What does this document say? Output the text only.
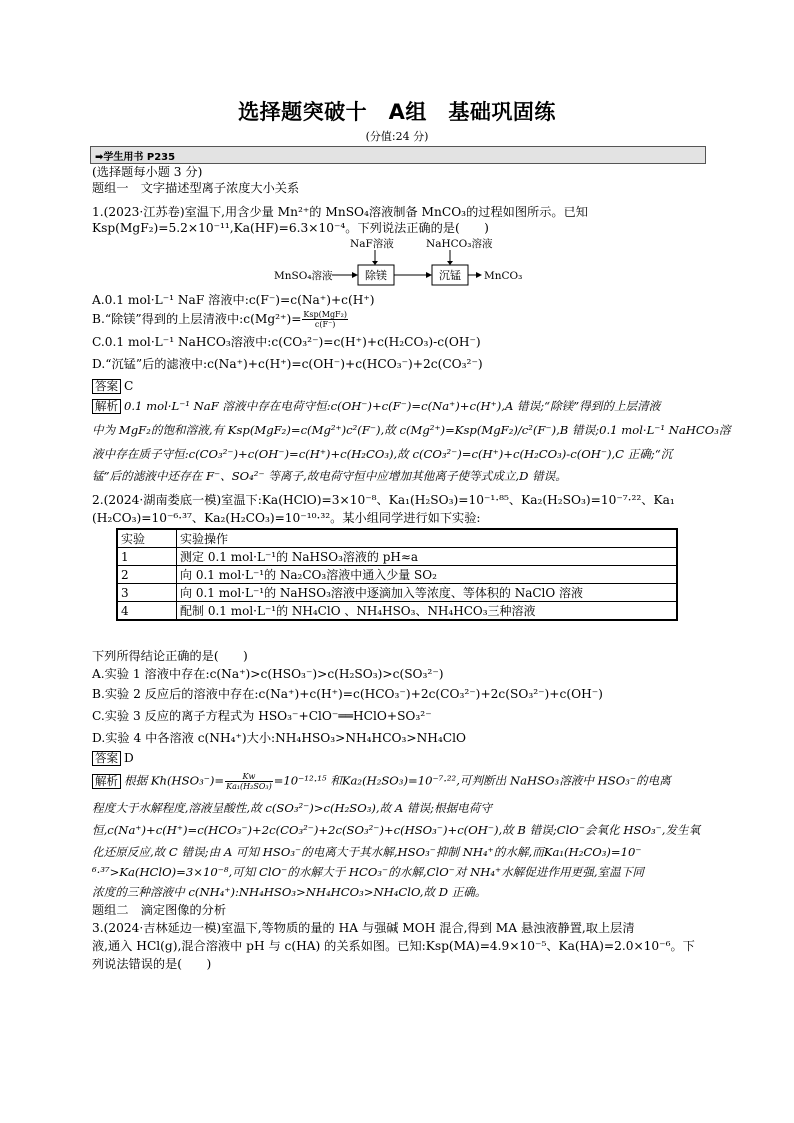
选择题突破十　A组　基础巩固练
(分值:24 分)
➡学生用书 P235
(选择题每小题 3 分)
题组一　文字描述型离子浓度大小关系
1.(2023·江苏卷)室温下,用含少量 Mn²⁺的 MnSO₄溶液制备 MnCO₃的过程如图所示。已知
Ksp(MgF₂)=5.2×10⁻¹¹,Ka(HF)=6.3×10⁻⁴。下列说法正确的是(　　)
NaF溶液	NaHCO₃溶液
MnSO₄溶液	除镁	沉锰 MnCO₃
A.0.1 mol·L⁻¹ NaF 溶液中:c(F⁻)=c(Na⁺)+c(H⁺)
B.“除镁”得到的上层清液中:c(Mg²⁺)= $\frac{\text{Ksp(MgF₂)}}{c(F^-)}$
C.0.1 mol·L⁻¹ NaHCO₃溶液中:c(CO₃²⁻)=c(H⁺)+c(H₂CO₃)-c(OH⁻)
D.“沉锰”后的滤液中:c(Na⁺)+c(H⁺)=c(OH⁻)+c(HCO₃⁻)+2c(CO₃²⁻)
答案 C
解析 0.1 mol·L⁻¹ NaF 溶液中存在电荷守恒:c(OH⁻)+c(F⁻)=c(Na⁺)+c(H⁺),A 错误;“除镁”得到的上层清液
中为 MgF₂的饱和溶液,有 Ksp(MgF₂)=c(Mg²⁺)c²(F⁻),故 c(Mg²⁺)=Ksp(MgF₂)/c²(F⁻),B 错误;0.1 mol·L⁻¹ NaHCO₃溶
液中存在质子守恒:c(CO₃²⁻)+c(OH⁻)=c(H⁺)+c(H₂CO₃),故 c(CO₃²⁻)=c(H⁺)+c(H₂CO₃)-c(OH⁻),C 正确;“沉
锰”后的滤液中还存在 F⁻、SO₄²⁻ 等离子,故电荷守恒中应增加其他离子使等式成立,D 错误。
2.(2024·湖南娄底一模)室温下:Ka(HClO)=3×10⁻⁸、Ka₁(H₂SO₃)=10⁻¹·⁸⁵、Ka₂(H₂SO₃)=10⁻⁷·²²、Ka₁
(H₂CO₃)=10⁻⁶·³⁷、Ka₂(H₂CO₃)=10⁻¹⁰·³²。某小组同学进行如下实验:
实验	实验操作
1	测定 0.1 mol·L⁻¹的 NaHSO₃溶液的 pH≈a
2	向 0.1 mol·L⁻¹的 Na₂CO₃溶液中通入少量 SO₂
3	向 0.1 mol·L⁻¹的 NaHSO₃溶液中逐滴加入等浓度、等体积的 NaClO 溶液
4	配制 0.1 mol·L⁻¹的 NH₄ClO 、NH₄HSO₃、NH₄HCO₃三种溶液
下列所得结论正确的是(　　)
A.实验 1 溶液中存在:c(Na⁺)>c(HSO₃⁻)>c(H₂SO₃)>c(SO₃²⁻)
B.实验 2 反应后的溶液中存在:c(Na⁺)+c(H⁺)=c(HCO₃⁻)+2c(CO₃²⁻)+2c(SO₃²⁻)+c(OH⁻)
C.实验 3 反应的离子方程式为 HSO₃⁻+ClO⁻══HClO+SO₃²⁻
D.实验 4 中各溶液 c(NH₄⁺)大小:NH₄HSO₃>NH₄HCO₃>NH₄ClO
答案 D
解析 根据 $Kh(HSO_3^-)= \frac{Kw}{\text{Ka₁(H₂SO₃)}} =10^{-12}\cdot^{15}$ 和Ka₂(H₂SO₃)=10⁻⁷·²²,可判断出 NaHSO₃溶液中 HSO₃⁻的电离
程度大于水解程度,溶液呈酸性,故 c(SO₃²⁻)>c(H₂SO₃),故 A 错误;根据电荷守
恒,c(Na⁺)+c(H⁺)=c(HCO₃⁻)+2c(CO₃²⁻)+2c(SO₃²⁻)+c(HSO₃⁻)+c(OH⁻),故 B 错误;ClO⁻会氧化 HSO₃⁻,发生氧
化还原反应,故 C 错误;由 A 可知 HSO₃⁻的电离大于其水解,HSO₃⁻抑制 NH₄⁺的水解,而Ka₁(H₂CO₃)=10⁻
⁶·³⁷>Ka(HClO)=3×10⁻⁸,可知 ClO⁻的水解大于 HCO₃⁻的水解,ClO⁻对 NH₄⁺水解促进作用更强,室温下同
浓度的三种溶液中 c(NH₄⁺):NH₄HSO₃>NH₄HCO₃>NH₄ClO,故 D 正确。
题组二　滴定图像的分析
3.(2024·吉林延边一模)室温下,等物质的量的 HA 与强碱 MOH 混合,得到 MA 悬浊液静置,取上层清
液,通入 HCl(g),混合溶液中 pH 与 c(HA) 的关系如图。已知:Ksp(MA)=4.9×10⁻⁵、Ka(HA)=2.0×10⁻⁶。下
列说法错误的是(　　)
